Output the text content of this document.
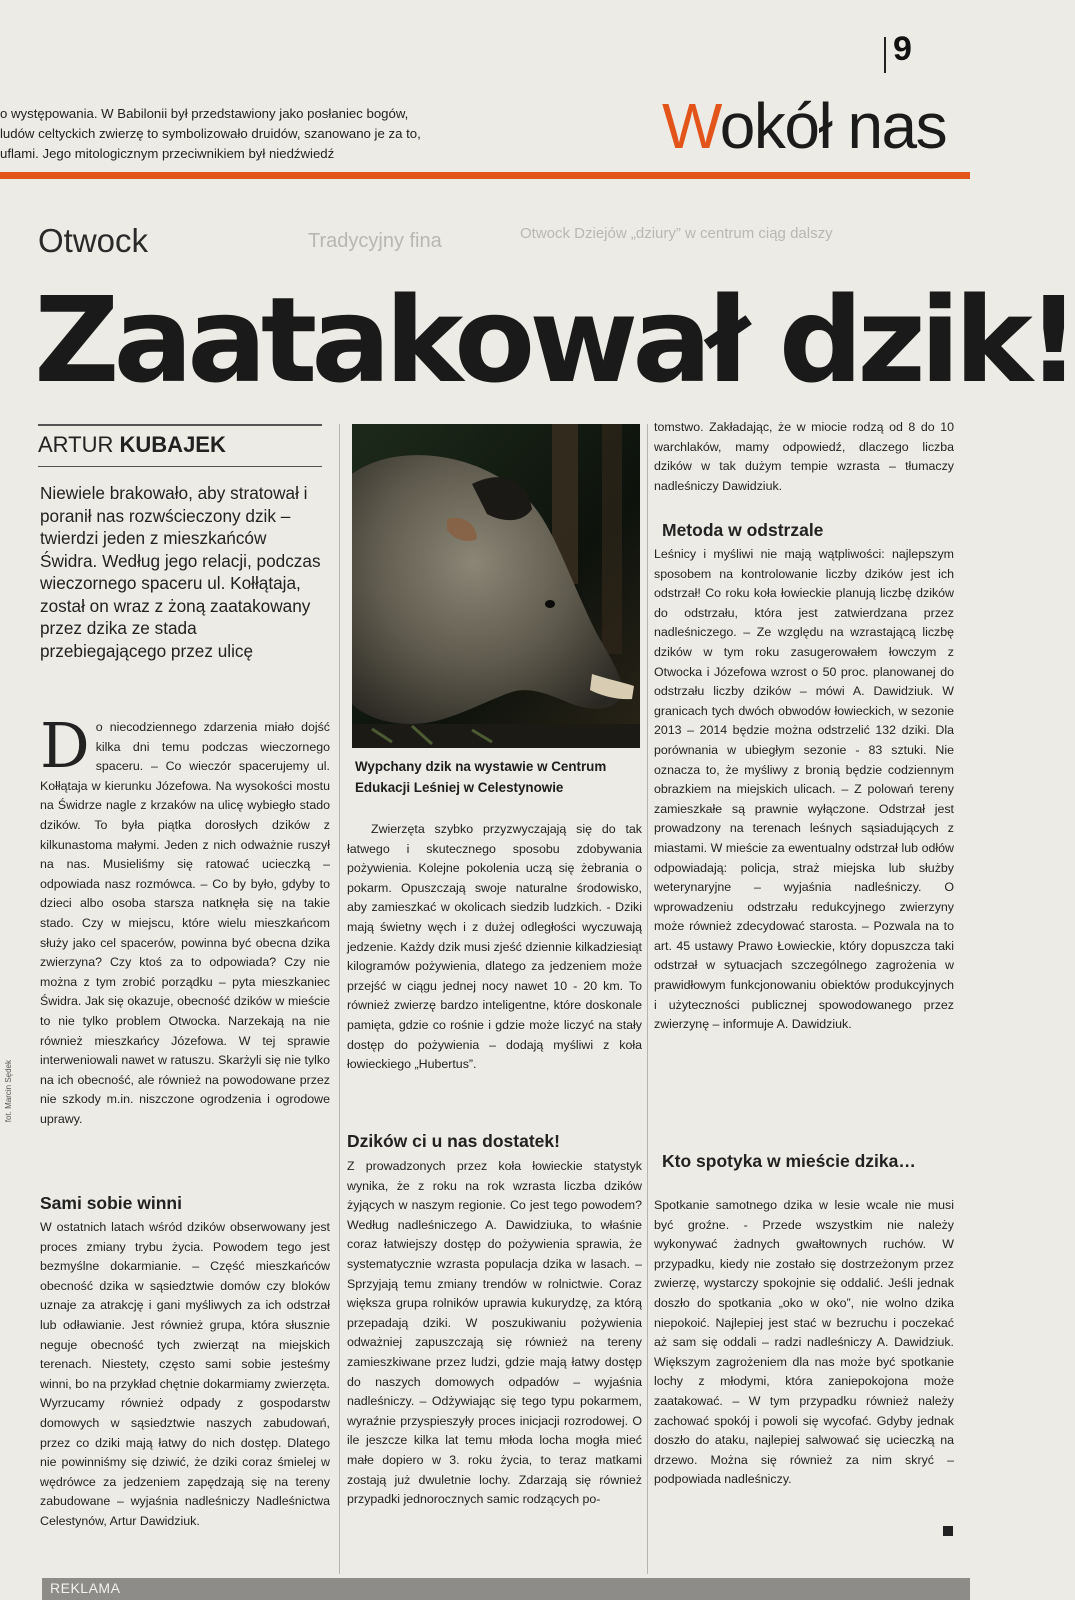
o występowania. W Babilonii był przedstawiony jako posłaniec bogów,
ludów celtyckich zwierzę to symbolizowało druidów, szanowano je za to,
uflami. Jego mitologicznym przeciwnikiem był niedźwiedź
9
Wokół nas
Otwock Dziejów „dziury” w centrum ciąg dalszy
Tradycyjny fina
Otwock
Zaatakował dzik!
ARTUR KUBAJEK
Niewiele brakowało, aby stratował i poranił nas rozwścieczony dzik – twierdzi jeden z mieszkańców Świdra. Według jego relacji, podczas wieczornego spaceru ul. Kołłątaja, został on wraz z żoną zaatakowany przez dzika ze stada przebiegającego przez ulicę

Do niecodziennego zdarzenia miało dojść kilka dni temu podczas wieczornego spaceru. – Co wieczór spacerujemy ul. Kołłątaja w kierunku Józefowa. Na wysokości mostu na Świdrze nagle z krzaków na ulicę wybiegło stado dzików. To była piątka dorosłych dzików z kilkunastoma małymi. Jeden z nich odważnie ruszył na nas. Musieliśmy się ratować ucieczką – odpowiada nasz rozmówca. – Co by było, gdyby to dzieci albo osoba starsza natknęła się na takie stado. Czy w miejscu, które wielu mieszkańcom służy jako cel spacerów, powinna być obecna dzika zwierzyna? Czy ktoś za to odpowiada? Czy nie można z tym zrobić porządku – pyta mieszkaniec Świdra. Jak się okazuje, obecność dzików w mieście to nie tylko problem Otwocka. Narzekają na nie również mieszkańcy Józefowa. W tej sprawie interweniowali nawet w ratuszu. Skarżyli się nie tylko na ich obecność, ale również na powodowane przez nie szkody m.in. niszczone ogrodzenia i ogrodowe uprawy.

Sami sobie winni

W ostatnich latach wśród dzików obserwowany jest proces zmiany trybu życia. Powodem tego jest bezmyślne dokarmianie. – Część mieszkańców obecność dzika w sąsiedztwie domów czy bloków uznaje za atrakcję i gani myśliwych za ich odstrzał lub odławianie. Jest również grupa, która słusznie neguje obecność tych zwierząt na miejskich terenach. Niestety, często sami sobie jesteśmy winni, bo na przykład chętnie dokarmiamy zwierzęta. Wyrzucamy również odpady z gospodarstw domowych w sąsiedztwie naszych zabudowań, przez co dziki mają łatwy do nich dostęp. Dlatego nie powinniśmy się dziwić, że dziki coraz śmielej w wędrówce za jedzeniem zapędzają się na tereny zabudowane – wyjaśnia nadleśniczy Nadleśnictwa Celestynów, Artur Dawidziuk.

Wypchany dzik na wystawie w Centrum Edukacji Leśniej w Celestynowie

Zwierzęta szybko przyzwyczajają się do tak łatwego i skutecznego sposobu zdobywania pożywienia. Kolejne pokolenia uczą się żebrania o pokarm. Opuszczają swoje naturalne środowisko, aby zamieszkać w okolicach siedzib ludzkich. - Dziki mają świetny węch i z dużej odległości wyczuwają jedzenie. Każdy dzik musi zjeść dziennie kilkadziesiąt kilogramów pożywienia, dlatego za jedzeniem może przejść w ciągu jednej nocy nawet 10 - 20 km. To również zwierzę bardzo inteligentne, które doskonale pamięta, gdzie co rośnie i gdzie może liczyć na stały dostęp do pożywienia – dodają myśliwi z koła łowieckiego „Hubertus”.

Dzików ci u nas dostatek!

Z prowadzonych przez koła łowieckie statystyk wynika, że z roku na rok wzrasta liczba dzików żyjących w naszym regionie. Co jest tego powodem? Według nadleśniczego A. Dawidziuka, to właśnie coraz łatwiejszy dostęp do pożywienia sprawia, że systematycznie wzrasta populacja dzika w lasach. – Sprzyjają temu zmiany trendów w rolnictwie. Coraz większa grupa rolników uprawia kukurydzę, za którą przepadają dziki. W poszukiwaniu pożywienia odważniej zapuszczają się również na tereny zamieszkiwane przez ludzi, gdzie mają łatwy dostęp do naszych domowych odpadów – wyjaśnia nadleśniczy. – Odżywiając się tego typu pokarmem, wyraźnie przyspieszyły proces inicjacji rozrodowej. O ile jeszcze kilka lat temu młoda locha mogła mieć małe dopiero w 3. roku życia, to teraz matkami zostają już dwuletnie lochy. Zdarzają się również przypadki jednorocznych samic rodzących po-

tomstwo. Zakładając, że w miocie rodzą od 8 do 10 warchlaków, mamy odpowiedź, dlaczego liczba dzików w tak dużym tempie wzrasta – tłumaczy nadleśniczy Dawidziuk.

Metoda w odstrzale

Leśnicy i myśliwi nie mają wątpliwości: najlepszym sposobem na kontrolowanie liczby dzików jest ich odstrzał! Co roku koła łowieckie planują liczbę dzików do odstrzału, która jest zatwierdzana przez nadleśniczego. – Ze względu na wzrastającą liczbę dzików w tym roku zasugerowałem łowczym z Otwocka i Józefowa wzrost o 50 proc. planowanej do odstrzału liczby dzików – mówi A. Dawidziuk. W granicach tych dwóch obwodów łowieckich, w sezonie 2013 – 2014 będzie można odstrzelić 132 dziki. Dla porównania w ubiegłym sezonie - 83 sztuki. Nie oznacza to, że myśliwy z bronią będzie codziennym obrazkiem na miejskich ulicach. – Z polowań tereny zamieszkałe są prawnie wyłączone. Odstrzał jest prowadzony na terenach leśnych sąsiadujących z miastami. W mieście za ewentualny odstrzał lub odłów odpowiadają: policja, straż miejska lub służby weterynaryjne – wyjaśnia nadleśniczy. O wprowadzeniu odstrzału redukcyjnego zwierzyny może również zdecydować starosta. – Pozwala na to art. 45 ustawy Prawo Łowieckie, który dopuszcza taki odstrzał w sytuacjach szczególnego zagrożenia w prawidłowym funkcjonowaniu obiektów produkcyjnych i użyteczności publicznej spowodowanego przez zwierzynę – informuje A. Dawidziuk.

Kto spotyka w mieście dzika…

Spotkanie samotnego dzika w lesie wcale nie musi być groźne. - Przede wszystkim nie należy wykonywać żadnych gwałtownych ruchów. W przypadku, kiedy nie zostało się dostrzeżonym przez zwierzę, wystarczy spokojnie się oddalić. Jeśli jednak doszło do spotkania „oko w oko”, nie wolno dzika niepokoić. Najlepiej jest stać w bezruchu i poczekać aż sam się oddali – radzi nadleśniczy A. Dawidziuk. Większym zagrożeniem dla nas może być spotkanie lochy z młodymi, która zaniepokojona może zaatakować. – W tym przypadku również należy zachować spokój i powoli się wycofać. Gdyby jednak doszło do ataku, najlepiej salwować się ucieczką na drzewo. Można się również za nim skryć – podpowiada nadleśniczy.

fot. Marcin Sędek
REKLAMA
